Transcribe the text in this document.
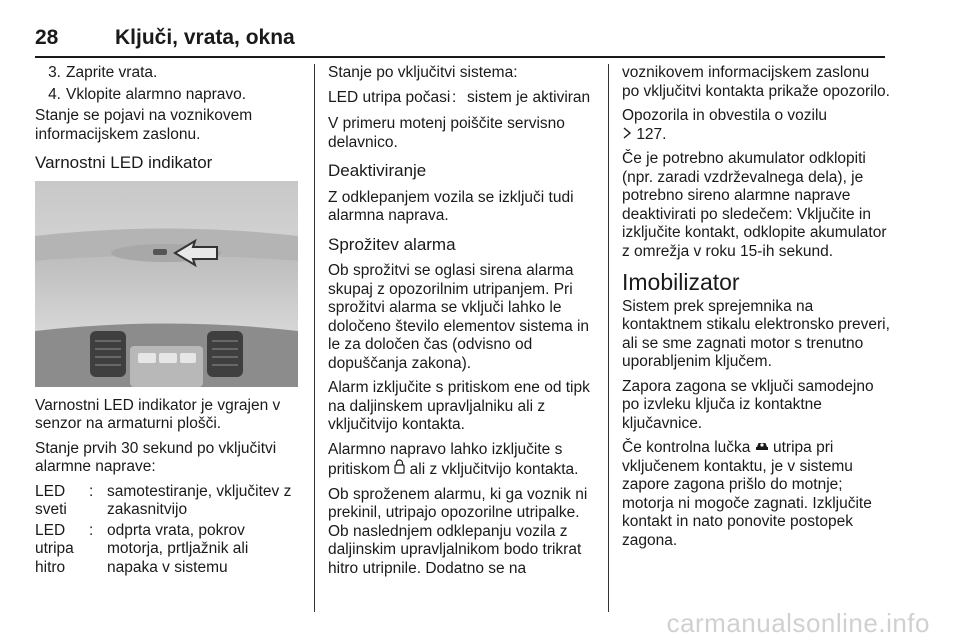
28	Ključi, vrata, okna
3. Zaprite vrata.
4. Vklopite alarmno napravo.

Stanje se pojavi na voznikovem informacijskem zaslonu.

Varnostni LED indikator

Varnostni LED indikator je vgrajen v senzor na armaturni plošči.

Stanje prvih 30 sekund po vključitvi alarmne naprave:

LED sveti
: samotestiranje, vključitev z zakasnitvijo
LED utripa hitro
: odprta vrata, pokrov motorja, prtljažnik ali napaka v sistemu

Stanje po vključitvi sistema:

LED utripa počasi : sistem je aktiviran

V primeru motenj poiščite servisno delavnico.

Deaktiviranje

Z odklepanjem vozila se izključi tudi alarmna naprava.

Sprožitev alarma

Ob sprožitvi se oglasi sirena alarma skupaj z opozorilnim utripanjem. Pri sprožitvi alarma se vključi lahko le določeno število elementov sistema in le za določen čas (odvisno od dopuščanja zakona).

Alarm izključite s pritiskom ene od tipk na daljinskem upravljalniku ali z vključitvijo kontakta.

Alarmno napravo lahko izključite s pritiskom ali z vključitvijo kontakta.

Ob sproženem alarmu, ki ga voznik ni prekinil, utripajo opozorilne utripalke. Ob naslednjem odklepanju vozila z daljinskim upravljalnikom bodo trikrat hitro utripnile. Dodatno se na

voznikovem informacijskem zaslonu po vključitvi kontakta prikaže opozorilo.

Opozorila in obvestila o vozilu
127.

Če je potrebno akumulator odklopiti (npr. zaradi vzdrževalnega dela), je potrebno sireno alarmne naprave deaktivirati po sledečem: Vključite in izključite kontakt, odklopite akumulator z omrežja v roku 15-ih sekund.

Imobilizator

Sistem prek sprejemnika na kontaktnem stikalu elektronsko preveri, ali se sme zagnati motor s trenutno uporabljenim ključem.

Zapora zagona se vključi samodejno po izvleku ključa iz kontaktne ključavnice.

Če kontrolna lučka utripa pri vključenem kontaktu, je v sistemu zapore zagona prišlo do motnje; motorja ni mogoče zagnati. Izključite kontakt in nato ponovite postopek zagona.

carmanualsonline.info
